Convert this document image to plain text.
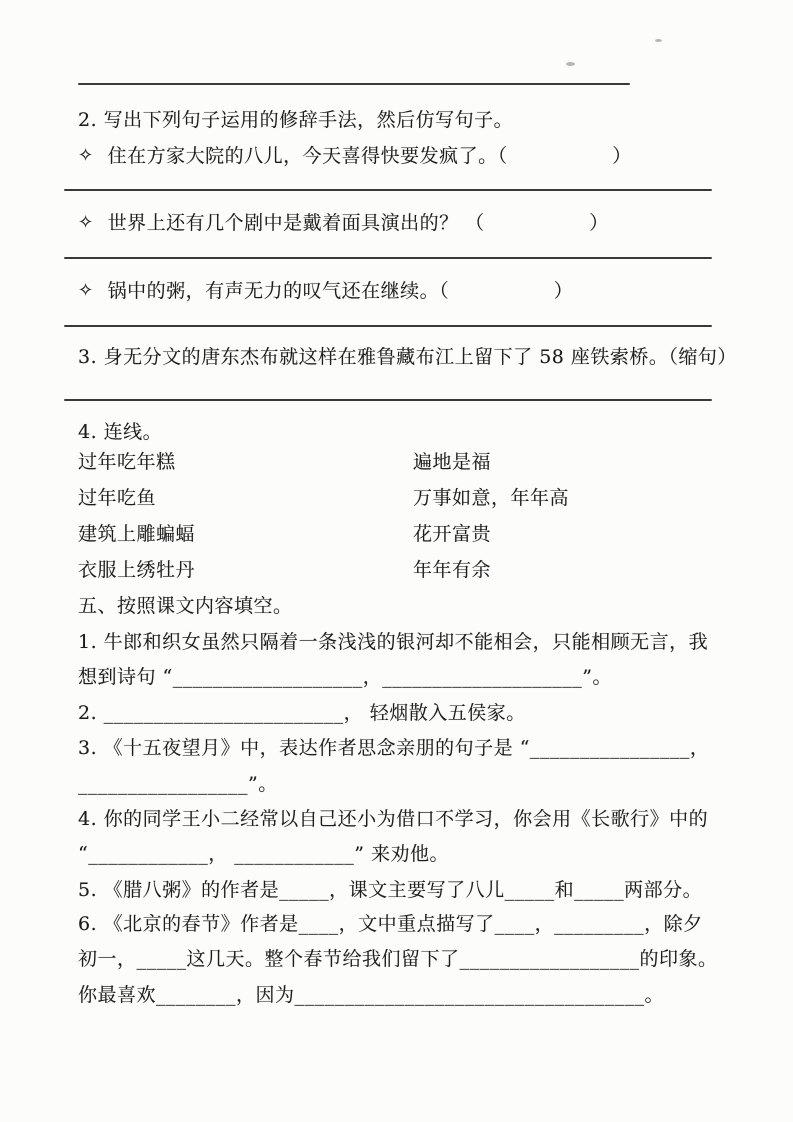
2. 写出下列句子运用的修辞手法，然后仿写句子。
✧ 住在方家大院的八儿，今天喜得快要发疯了。（                ）
✧ 世界上还有几个剧中是戴着面具演出的？ （                ）
✧ 锅中的粥，有声无力的叹气还在继续。（                ）
3. 身无分文的唐东杰布就这样在雅鲁藏布江上留下了 58 座铁索桥。（缩句）
4. 连线。
过年吃年糕	遍地是福
过年吃鱼	万事如意，年年高
建筑上雕蝙蝠	花开富贵
衣服上绣牡丹	年年有余
五、按照课文内容填空。
1. 牛郎和织女虽然只隔着一条浅浅的银河却不能相会，只能相顾无言，我
想到诗句 “___________________，____________________”。
2. ________________________， 轻烟散入五侯家。
3. 《十五夜望月》中，表达作者思念亲朋的句子是 “________________，
_________________”。
4. 你的同学王小二经常以自己还小为借口不学习，你会用《长歌行》中的
“____________， ____________” 来劝他。
5. 《腊八粥》的作者是_____，课文主要写了八儿_____和_____两部分。
6. 《北京的春节》作者是____，文中重点描写了____，_________，除夕
初一，_____这几天。整个春节给我们留下了__________________的印象。
你最喜欢________，因为___________________________________。
